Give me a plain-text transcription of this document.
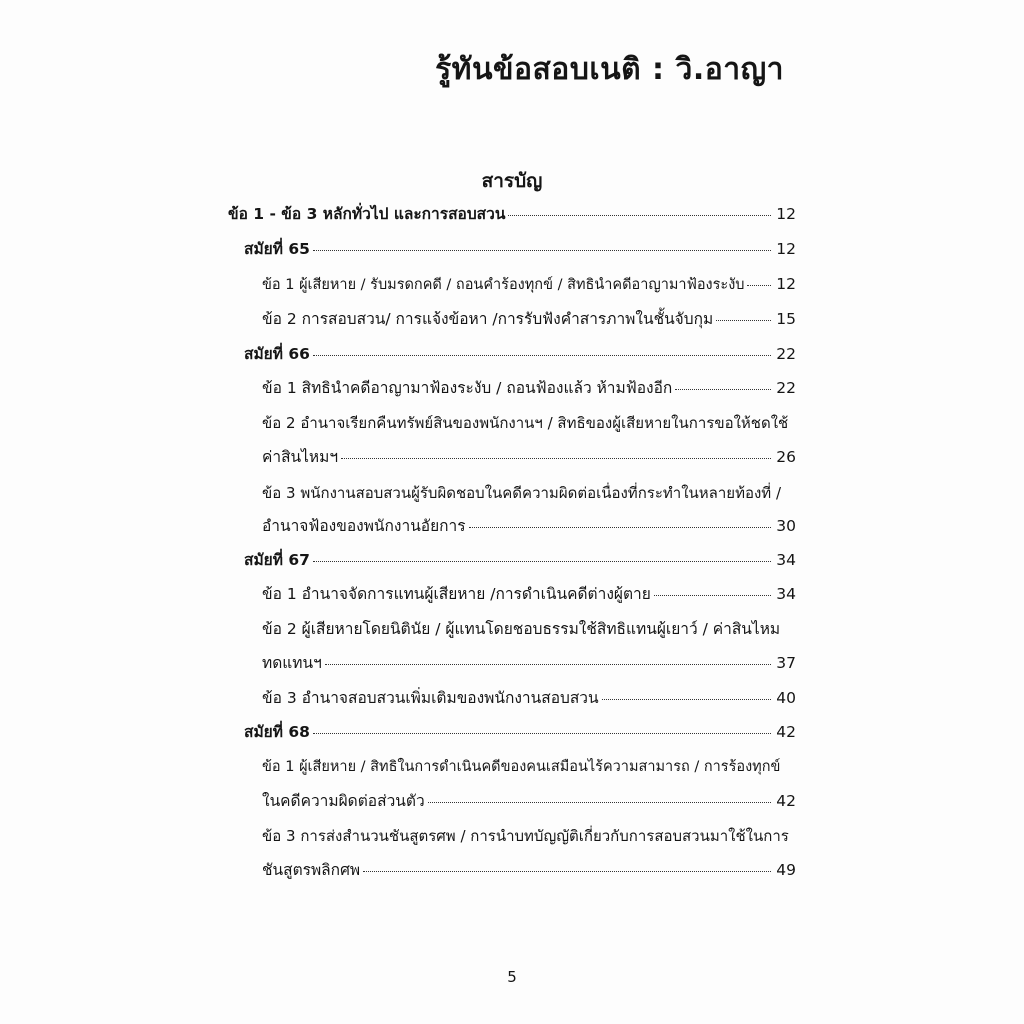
รู้ทันข้อสอบเนติ : วิ.อาญา
สารบัญ
ข้อ 1 - ข้อ 3 หลักทั่วไป และการสอบสวน	12
สมัยที่ 65	12
ข้อ 1 ผู้เสียหาย / รับมรดกคดี / ถอนคำร้องทุกข์ / สิทธินำคดีอาญามาฟ้องระงับ 12
ข้อ 2 การสอบสวน/ การแจ้งข้อหา /การรับฟังคำสารภาพในชั้นจับกุม	15
สมัยที่ 66	22
ข้อ 1 สิทธินำคดีอาญามาฟ้องระงับ / ถอนฟ้องแล้ว ห้ามฟ้องอีก	22
ข้อ 2 อำนาจเรียกคืนทรัพย์สินของพนักงานฯ / สิทธิของผู้เสียหายในการขอให้ชดใช้
ค่าสินไหมฯ	26
ข้อ 3 พนักงานสอบสวนผู้รับผิดชอบในคดีความผิดต่อเนื่องที่กระทำในหลายท้องที่ /
อำนาจฟ้องของพนักงานอัยการ	30
สมัยที่ 67	34
ข้อ 1 อำนาจจัดการแทนผู้เสียหาย /การดำเนินคดีต่างผู้ตาย	34
ข้อ 2 ผู้เสียหายโดยนิตินัย / ผู้แทนโดยชอบธรรมใช้สิทธิแทนผู้เยาว์ / ค่าสินไหม
ทดแทนฯ	37
ข้อ 3 อำนาจสอบสวนเพิ่มเติมของพนักงานสอบสวน	40
สมัยที่ 68	42
ข้อ 1 ผู้เสียหาย / สิทธิในการดำเนินคดีของคนเสมือนไร้ความสามารถ / การร้องทุกข์
ในคดีความผิดต่อส่วนตัว	42
ข้อ 3 การส่งสำนวนชันสูตรศพ / การนำบทบัญญัติเกี่ยวกับการสอบสวนมาใช้ในการ
ชันสูตรพลิกศพ	49
5
